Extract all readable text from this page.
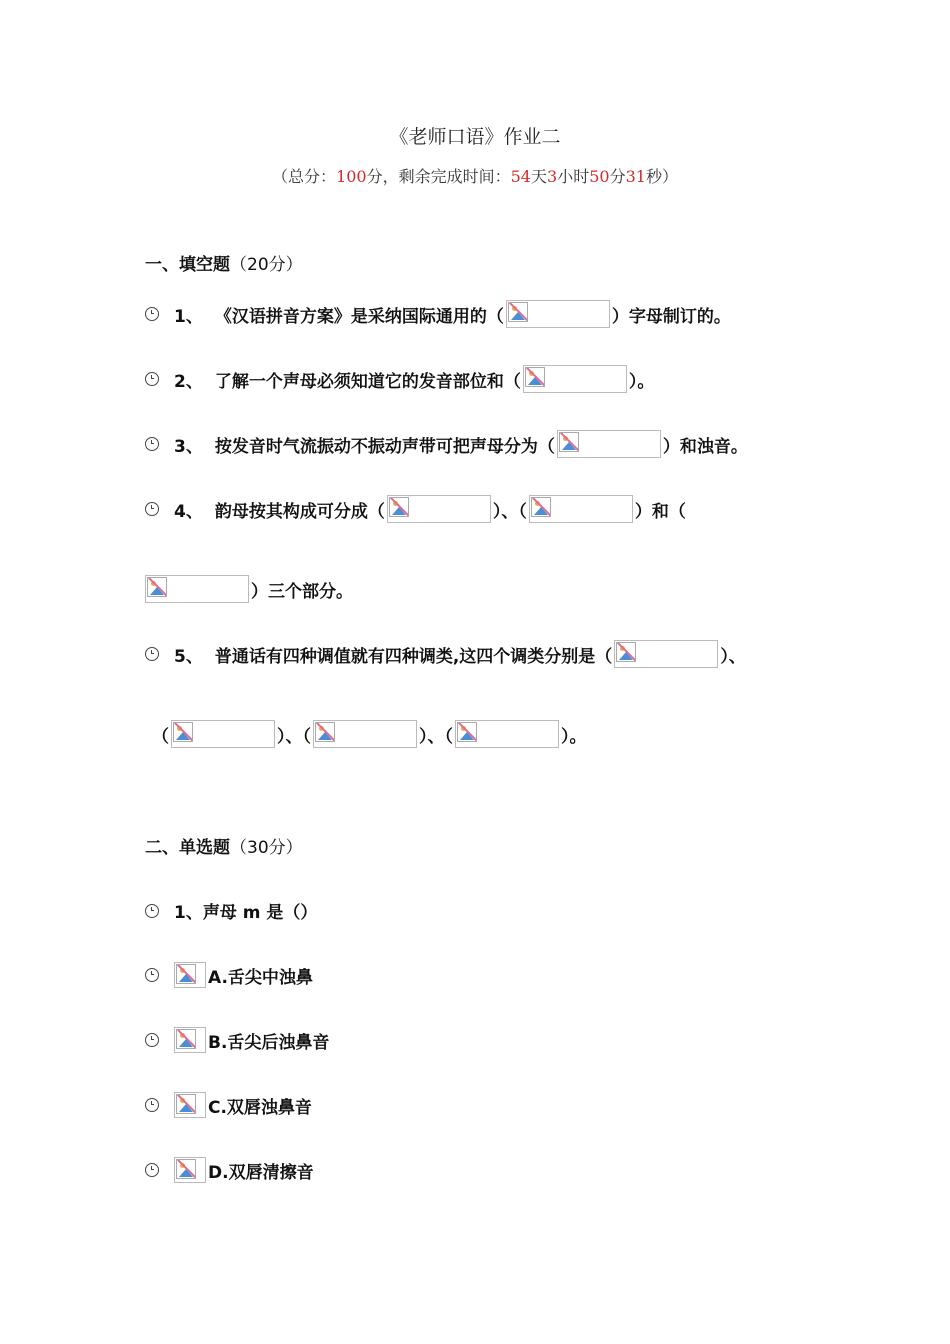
《老师口语》作业二
（总分：100分，剩余完成时间：54天3小时50分31秒）
一、填空题（20分）
1、 《汉语拼音方案》是采纳国际通用的（	）字母制订的。
2、 了解一个声母必须知道它的发音部位和（	）。
3、 按发音时气流振动不振动声带可把声母分为（	）和浊音。
4、 韵母按其构成可分成（	）、（	）和（
）三个部分。
5、 普通话有四种调值就有四种调类,这四个调类分别是（	）、
（	）、（	）、（	）。
二、单选题（30分）
1、声母 m 是（）
A.舌尖中浊鼻
B.舌尖后浊鼻音
C.双唇浊鼻音
D.双唇清擦音
